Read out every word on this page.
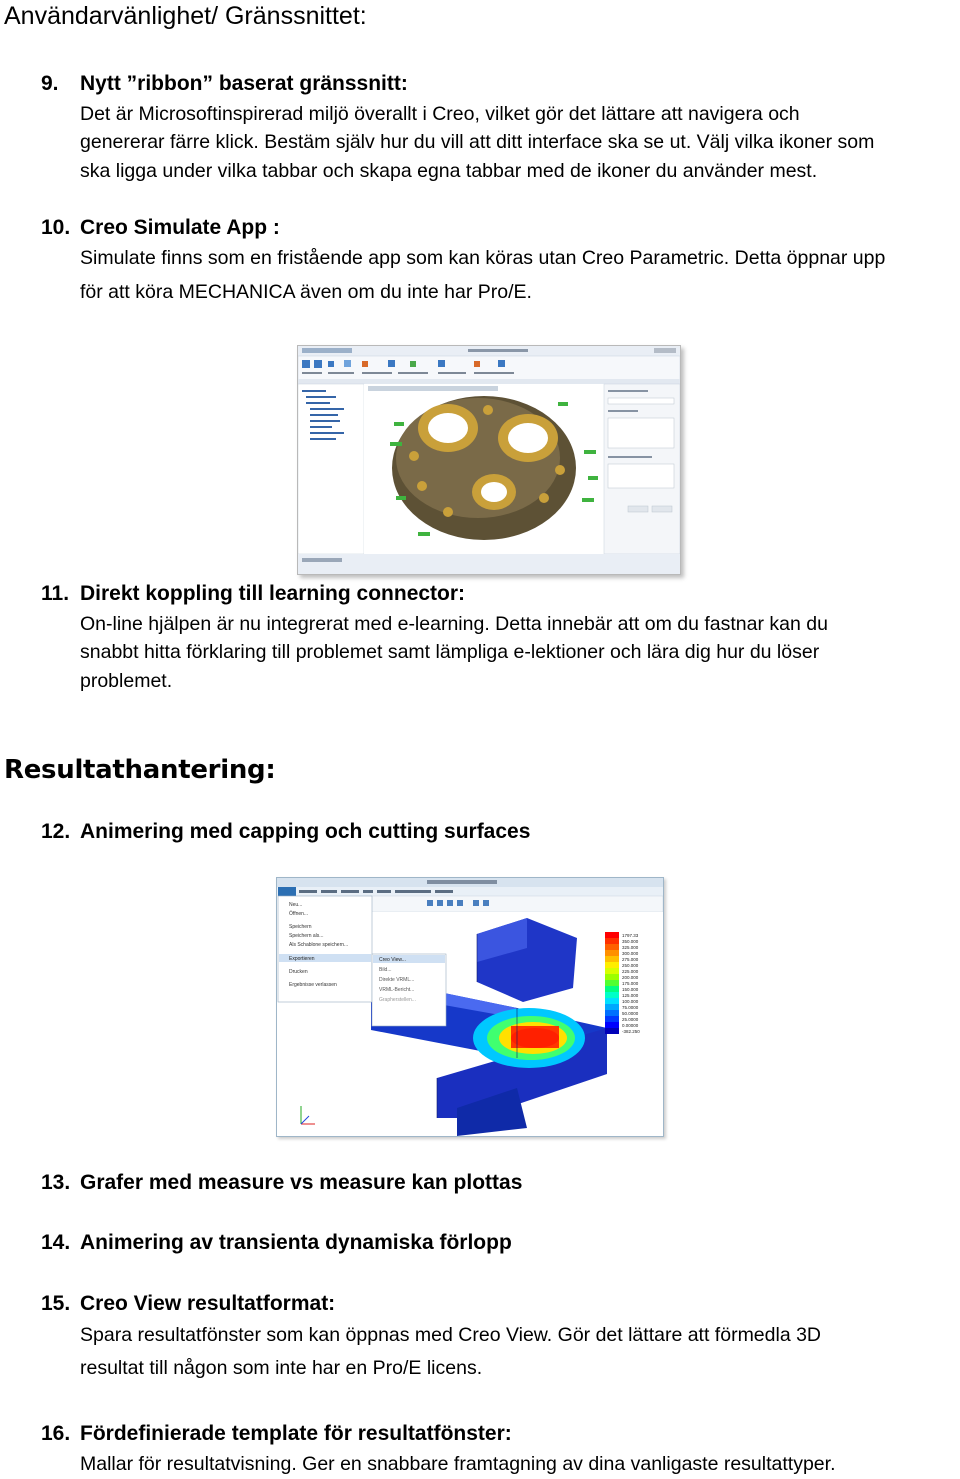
Användarvänlighet/ Gränssnittet:
9. Nytt ”ribbon” baserat gränssnitt:
Det är Microsoftinspirerad miljö överallt i Creo, vilket gör det lättare att navigera och
genererar färre klick. Bestäm själv hur du vill att ditt interface ska se ut. Välj vilka ikoner som
ska ligga under vilka tabbar och skapa egna tabbar med de ikoner du använder mest.
10. Creo Simulate App :
Simulate finns som en fristående app som kan köras utan Creo Parametric. Detta öppnar upp
för att köra MECHANICA även om du inte har Pro/E.
11. Direkt koppling till learning connector:
On-line hjälpen är nu integrerat med e-learning. Detta innebär att om du fastnar kan du
snabbt hitta förklaring till problemet samt lämpliga e-lektioner och lära dig hur du löser
problemet.
Resultathantering:
12. Animering med capping och cutting surfaces
Neu...
Öffnen...
Speichern
Speichern als...
Als Schablone speichern...
Exportieren
Drucken
Ergebnisse verlassen
Creo View...
Bild...
Direkte VRML...
VRML-Bericht...
Grapherstellen...
1797.33
350.000
325.000
300.000
275.000
250.000
225.000
200.000
175.000
150.000
125.000
100.000
75.0000
50.0000
25.0000
0.00000
-382.250
13. Grafer med measure vs measure kan plottas
14. Animering av transienta dynamiska förlopp
15. Creo View resultatformat:
Spara resultatfönster som kan öppnas med Creo View. Gör det lättare att förmedla 3D
resultat till någon som inte har en Pro/E licens.
16. Fördefinierade template för resultatfönster:
Mallar för resultatvisning. Ger en snabbare framtagning av dina vanligaste resultattyper.
